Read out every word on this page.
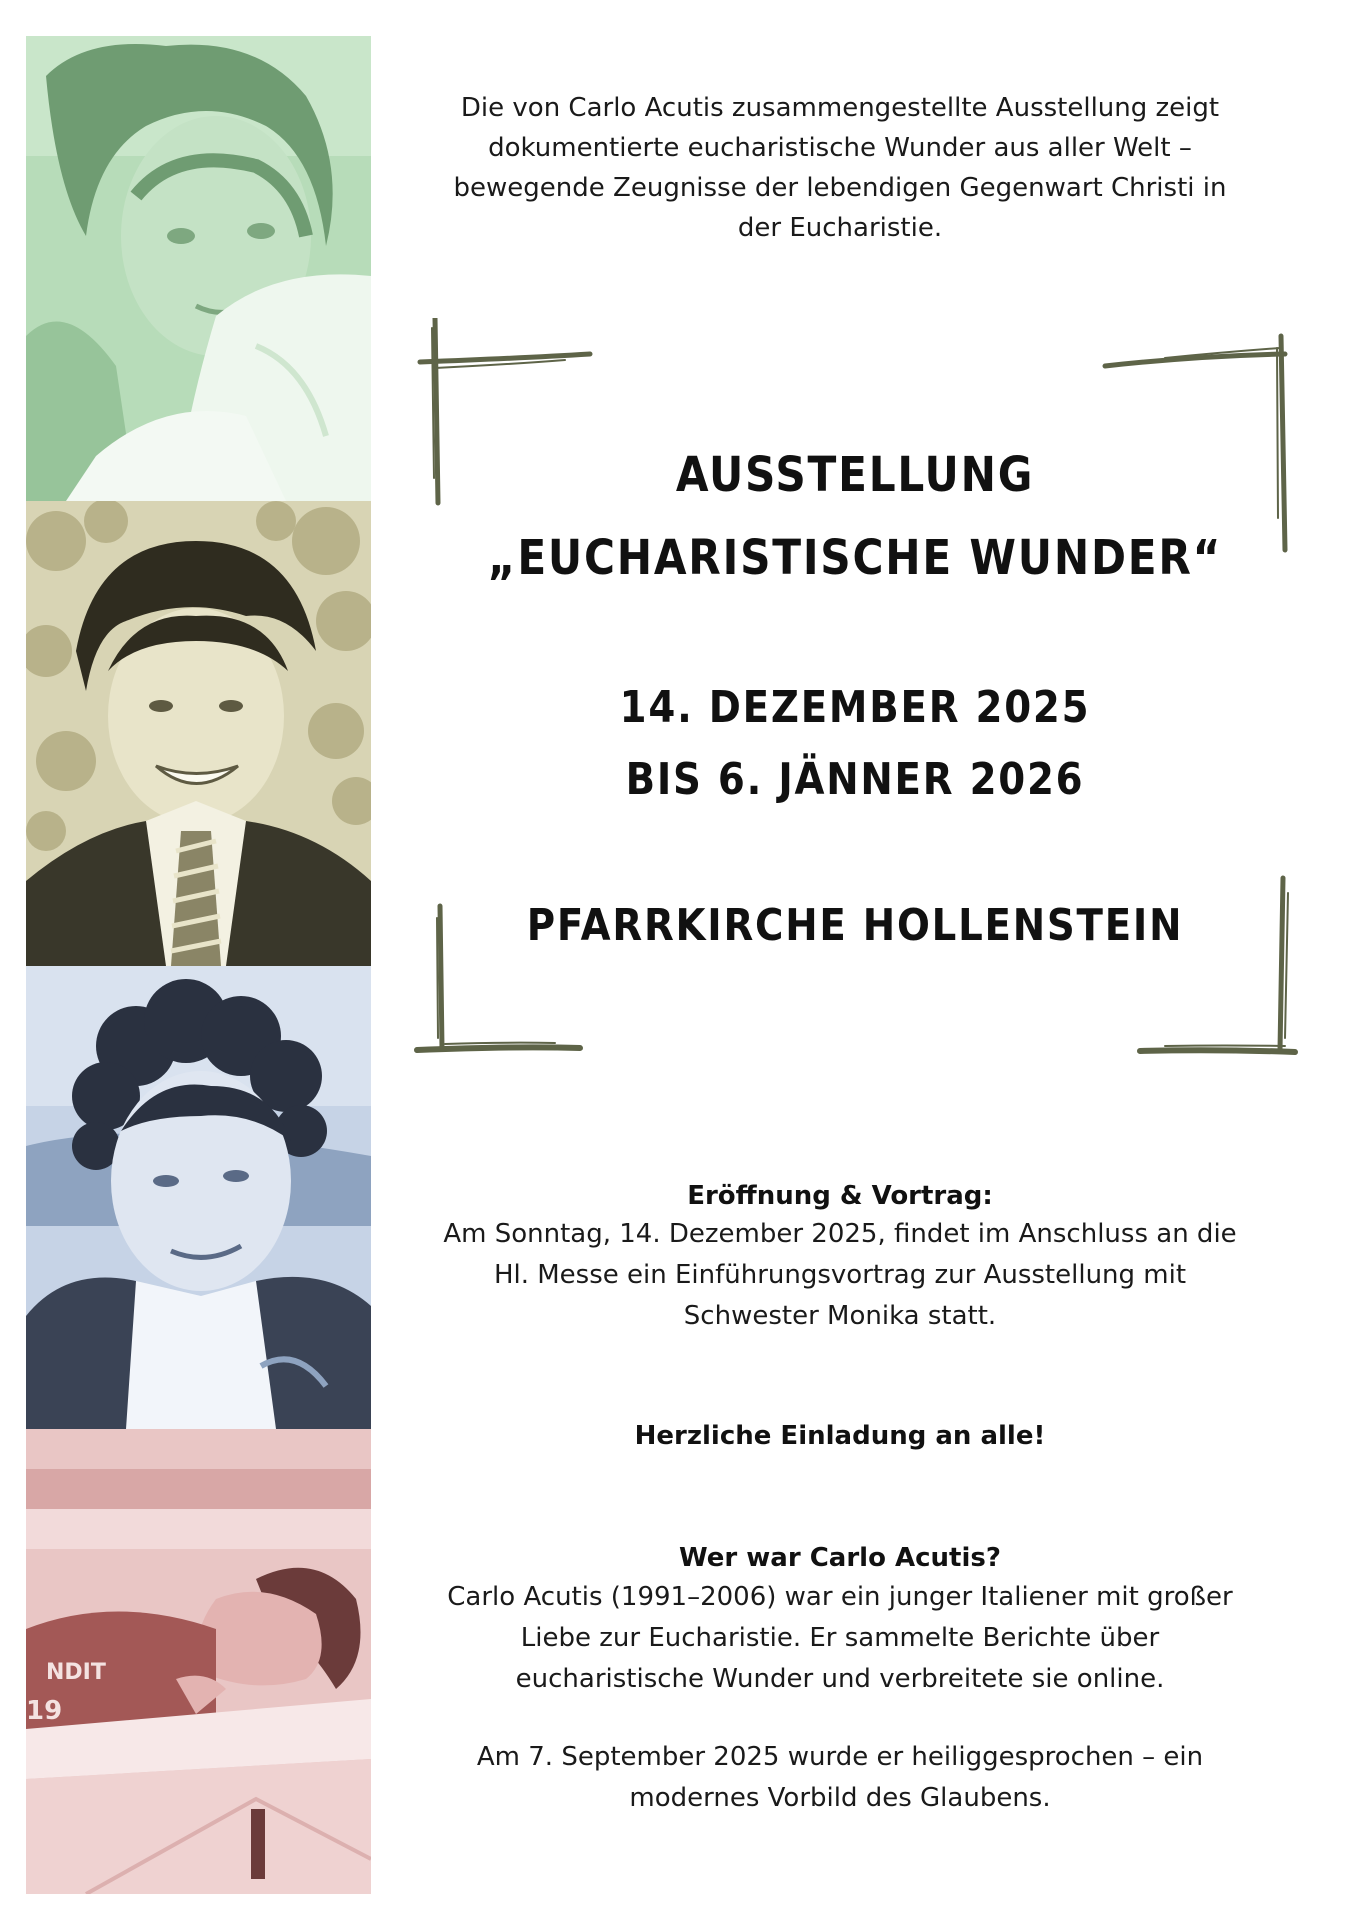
NDIT
19

Die von Carlo Acutis zusammengestellte Ausstellung zeigt dokumentierte eucharistische Wunder aus aller Welt – bewegende Zeugnisse der lebendigen Gegenwart Christi in der Eucharistie.

AUSSTELLUNG
„EUCHARISTISCHE WUNDER“
14. DEZEMBER 2025
BIS 6. JÄNNER 2026
PFARRKIRCHE HOLLENSTEIN
Eröffnung & Vortrag:

Am Sonntag, 14. Dezember 2025, findet im Anschluss an die Hl. Messe ein Einführungsvortrag zur Ausstellung mit Schwester Monika statt.

Herzliche Einladung an alle!
Wer war Carlo Acutis?

Carlo Acutis (1991–2006) war ein junger Italiener mit großer Liebe zur Eucharistie. Er sammelte Berichte über eucharistische Wunder und verbreitete sie online.

Am 7. September 2025 wurde er heiliggesprochen – ein modernes Vorbild des Glaubens.
